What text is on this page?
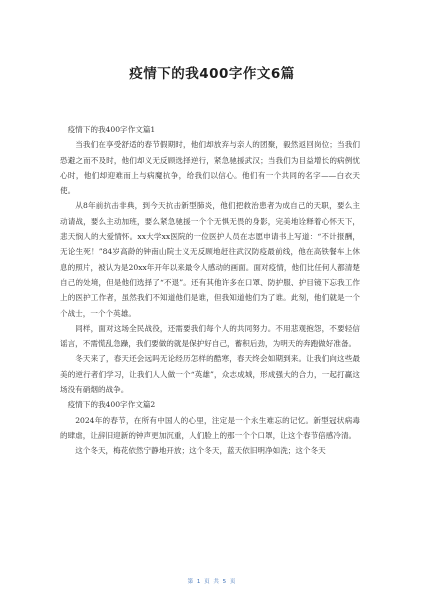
疫情下的我400字作文6篇

疫情下的我400字作文篇1

当我们在享受舒适的春节假期时，他们却放弃与亲人的团聚，毅然返回岗位；当我们恐避之而不及时，他们却义无反顾选择逆行，紧急驰援武汉；当我们为目益增长的病例忧心时，他们却迎难而上与病魔抗争，给我们以信心。他们有一个共同的名字——白衣天使。

从8年前抗击非典，到今天抗击新型肺炎，他们把救治患者为成自己的天职，要么主动请战，要么主动加班，要么紧急驰援一个个无惧无畏的身影，完美地诠释着心怀天下，悲天悯人的大爱情怀。xx大学xx医院的一位医护人员在志愿申请书上写道：“不计报酬，无论生死！”84岁高龄的钟南山院士义无反顾地赶往武汉防疫最前线，他在高铁餐车上休息的照片，被认为是20xx年开年以来最令人感动的画面。面对疫情，他们比任何人都清楚自己的处境，但是他们选择了“不退”。还有其他许多在口罩、防护服、护目镜下忘我工作上的医护工作者，虽然我们不知道他们是谁，但我知道他们为了谁。此刻，他们就是一个个战士，一个个英雄。

同样，面对这场全民战役，还需要我们每个人的共同努力。不用悲观抱怨，不要轻信谣言，不需慌乱急躁，我们要做的就是保护好自己，蓄积后劲，为明天的奔跑做好准备。

冬天来了，春天还会远吗无论经历怎样的酷寒，春天终会如期到来。让我们向这些最美的逆行者们学习，让我们人人做一个“英雄”，众志成城，形成强大的合力，一起打赢这场没有硝烟的战争。

疫情下的我400字作文篇2

2024年的春节，在所有中国人的心里，注定是一个永生难忘的记忆。新型冠状病毒的肆虐，让辞旧迎新的钟声更加沉重，人们脸上的那一个个口罩，让这个春节倍感冷清。

这个冬天，梅花依然宁静地开放；这个冬天，蓝天依旧明净如洗；这个冬天

第 1 页 共 5 页
